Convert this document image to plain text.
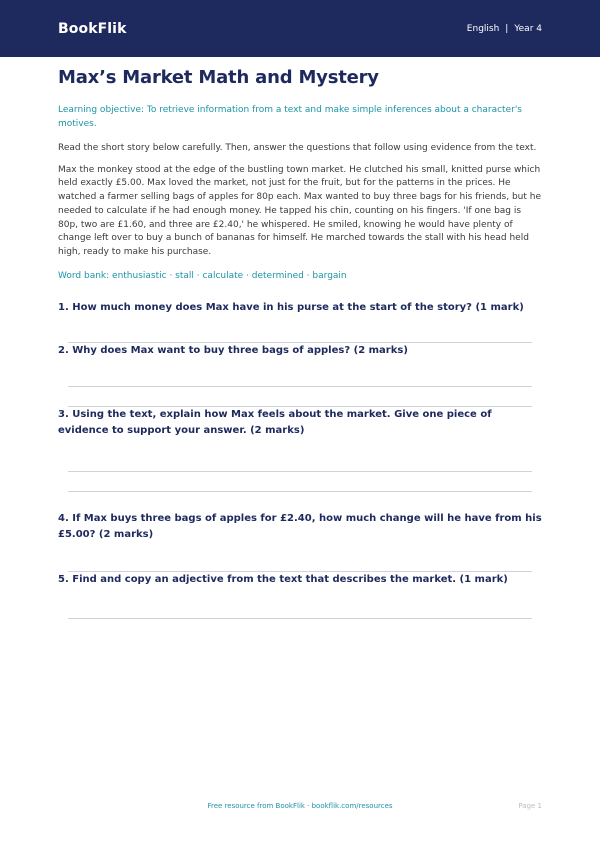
BookFlik	English | Year 4
Max’s Market Math and Mystery
Learning objective: To retrieve information from a text and make simple inferences about a character's motives.
Read the short story below carefully. Then, answer the questions that follow using evidence from the text.
Max the monkey stood at the edge of the bustling town market. He clutched his small, knitted purse which held exactly £5.00. Max loved the market, not just for the fruit, but for the patterns in the prices. He watched a farmer selling bags of apples for 80p each. Max wanted to buy three bags for his friends, but he needed to calculate if he had enough money. He tapped his chin, counting on his fingers. 'If one bag is 80p, two are £1.60, and three are £2.40,' he whispered. He smiled, knowing he would have plenty of change left over to buy a bunch of bananas for himself. He marched towards the stall with his head held high, ready to make his purchase.
Word bank: enthusiastic · stall · calculate · determined · bargain
1. How much money does Max have in his purse at the start of the story? (1 mark)
2. Why does Max want to buy three bags of apples? (2 marks)
3. Using the text, explain how Max feels about the market. Give one piece of evidence to support your answer. (2 marks)
4. If Max buys three bags of apples for £2.40, how much change will he have from his £5.00? (2 marks)
5. Find and copy an adjective from the text that describes the market. (1 mark)
Free resource from BookFlik · bookflik.com/resources	Page 1
